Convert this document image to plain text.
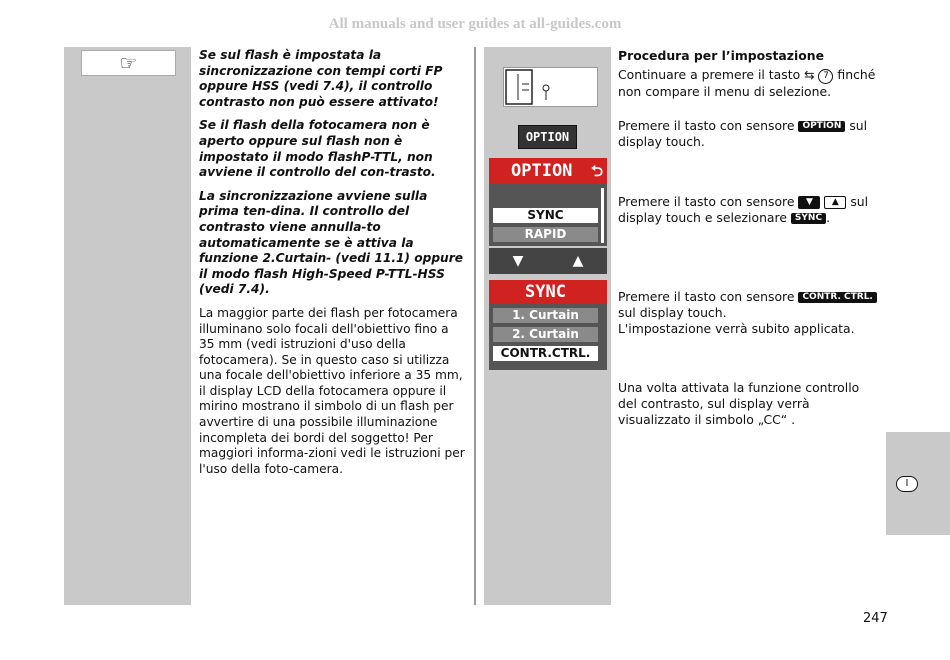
All manuals and user guides at all-guides.com
☞	Se sul flash è impostata la sincronizzazione con tempi corti FP oppure HSS (vedi 7.4), il controllo contrasto non può essere attivato!

Se il flash della fotocamera non è aperto oppure sul flash non è impostato il modo flashP-TTL, non avviene il controllo del con-trasto.

La sincronizzazione avviene sulla prima ten-dina. Il controllo del contrasto viene annulla-to automaticamente se è attiva la funzione 2.Curtain- (vedi 11.1) oppure il modo flash High-Speed P-TTL-HSS (vedi 7.4).

La maggior parte dei flash per fotocamera illuminano solo focali dell'obiettivo fino a 35 mm (vedi istruzioni d'uso della fotocamera). Se in questo caso si utilizza una focale dell'obiettivo inferiore a 35 mm, il display LCD della fotocamera oppure il mirino mostrano il simbolo di un flash per avvertire di una possibile illuminazione incompleta dei bordi del soggetto! Per maggiori informa-zioni vedi le istruzioni per l'uso della foto-camera.

OPTION
OPTION ⮌
SYNC
RAPID
▼	▲
SYNC
1. Curtain
2. Curtain
CONTR.CTRL.
Procedura per l’impostazione
Continuare a premere il tasto ⇆ 7 finché non compare il menu di selezione.
Premere il tasto con sensore OPTION sul display touch.
Premere il tasto con sensore ▼ ▲ sul display touch e selezionare SYNC .
Premere il tasto con sensore CONTR. CTRL. sul display touch.
L'impostazione verrà subito applicata.
Una volta attivata la funzione controllo del contrasto, sul display verrà visualizzato il simbolo „CC“ .
I
247
